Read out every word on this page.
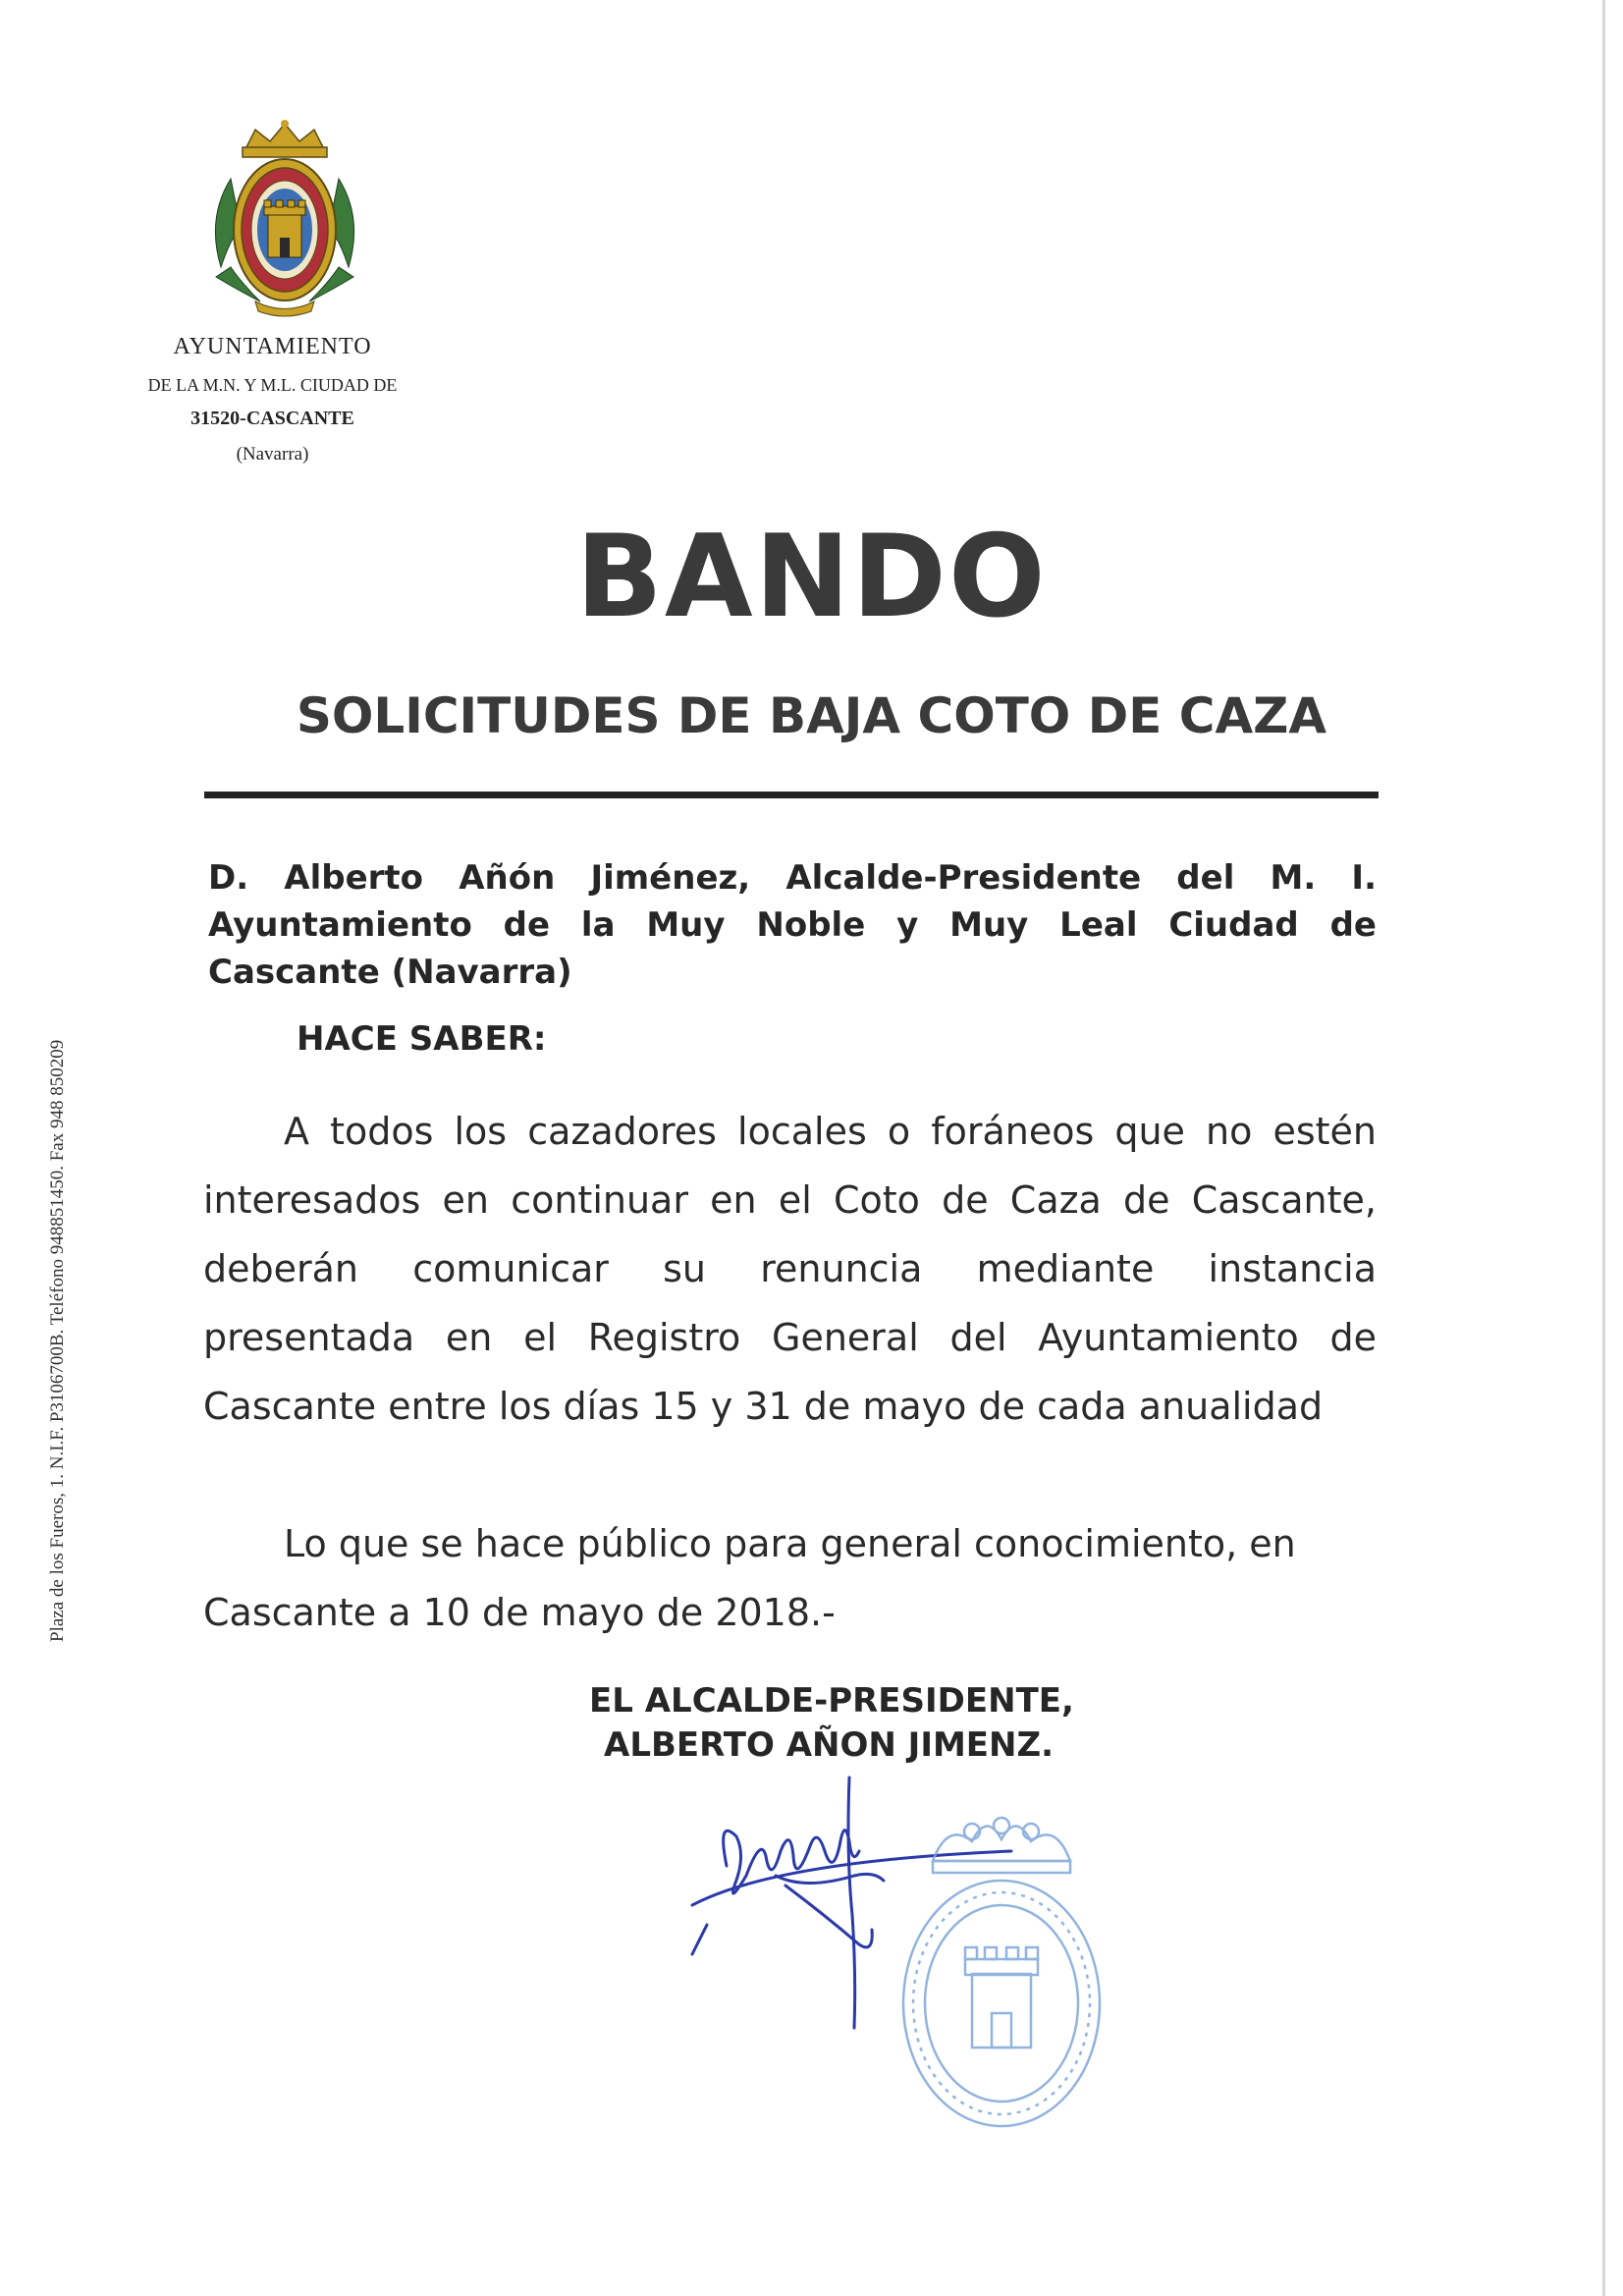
AYUNTAMIENTO
DE LA M.N. Y M.L. CIUDAD DE
31520-CASCANTE
(Navarra)
Plaza de los Fueros, 1. N.I.F. P3106700B. Teléfono 948851450. Fax 948 850209
BANDO
SOLICITUDES DE BAJA COTO DE CAZA
D. Alberto Añón Jiménez, Alcalde-Presidente del M. I. Ayuntamiento de la Muy Noble y Muy Leal Ciudad de Cascante (Navarra)
HACE SABER:
A todos los cazadores locales o foráneos que no estén interesados en continuar en el Coto de Caza de Cascante, deberán comunicar su renuncia mediante instancia presentada en el Registro General del Ayuntamiento de Cascante entre los días 15 y 31 de mayo de cada anualidad
Lo que se hace público para general conocimiento, en Cascante a 10 de mayo de 2018.-
EL ALCALDE-PRESIDENTE,
ALBERTO AÑON JIMENZ.
